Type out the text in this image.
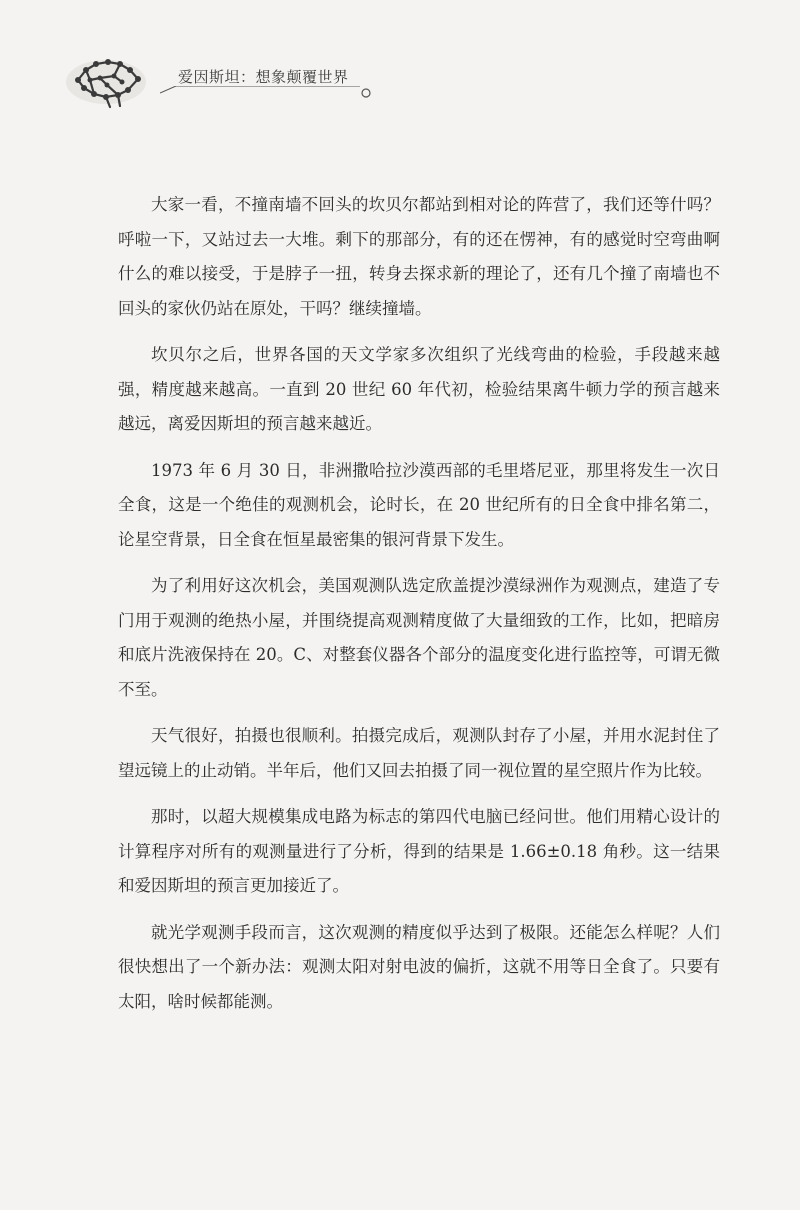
爱因斯坦：想象颠覆世界

大家一看，不撞南墙不回头的坎贝尔都站到相对论的阵营了，我们还等什吗？呼啦一下，又站过去一大堆。剩下的那部分，有的还在愣神，有的感觉时空弯曲啊什么的难以接受，于是脖子一扭，转身去探求新的理论了，还有几个撞了南墙也不回头的家伙仍站在原处，干吗？继续撞墙。

坎贝尔之后，世界各国的天文学家多次组织了光线弯曲的检验，手段越来越强，精度越来越高。一直到 20 世纪 60 年代初，检验结果离牛顿力学的预言越来越远，离爱因斯坦的预言越来越近。

1973 年 6 月 30 日，非洲撒哈拉沙漠西部的毛里塔尼亚，那里将发生一次日全食，这是一个绝佳的观测机会，论时长，在 20 世纪所有的日全食中排名第二，论星空背景，日全食在恒星最密集的银河背景下发生。

为了利用好这次机会，美国观测队选定欣盖提沙漠绿洲作为观测点，建造了专门用于观测的绝热小屋，并围绕提高观测精度做了大量细致的工作，比如，把暗房和底片洗液保持在 20。C、对整套仪器各个部分的温度变化进行监控等，可谓无微不至。

天气很好，拍摄也很顺利。拍摄完成后，观测队封存了小屋，并用水泥封住了望远镜上的止动销。半年后，他们又回去拍摄了同一视位置的星空照片作为比较。

那时，以超大规模集成电路为标志的第四代电脑已经问世。他们用精心设计的计算程序对所有的观测量进行了分析，得到的结果是 1.66±0.18 角秒。这一结果和爱因斯坦的预言更加接近了。

就光学观测手段而言，这次观测的精度似乎达到了极限。还能怎么样呢？人们很快想出了一个新办法：观测太阳对射电波的偏折，这就不用等日全食了。只要有太阳，啥时候都能测。
